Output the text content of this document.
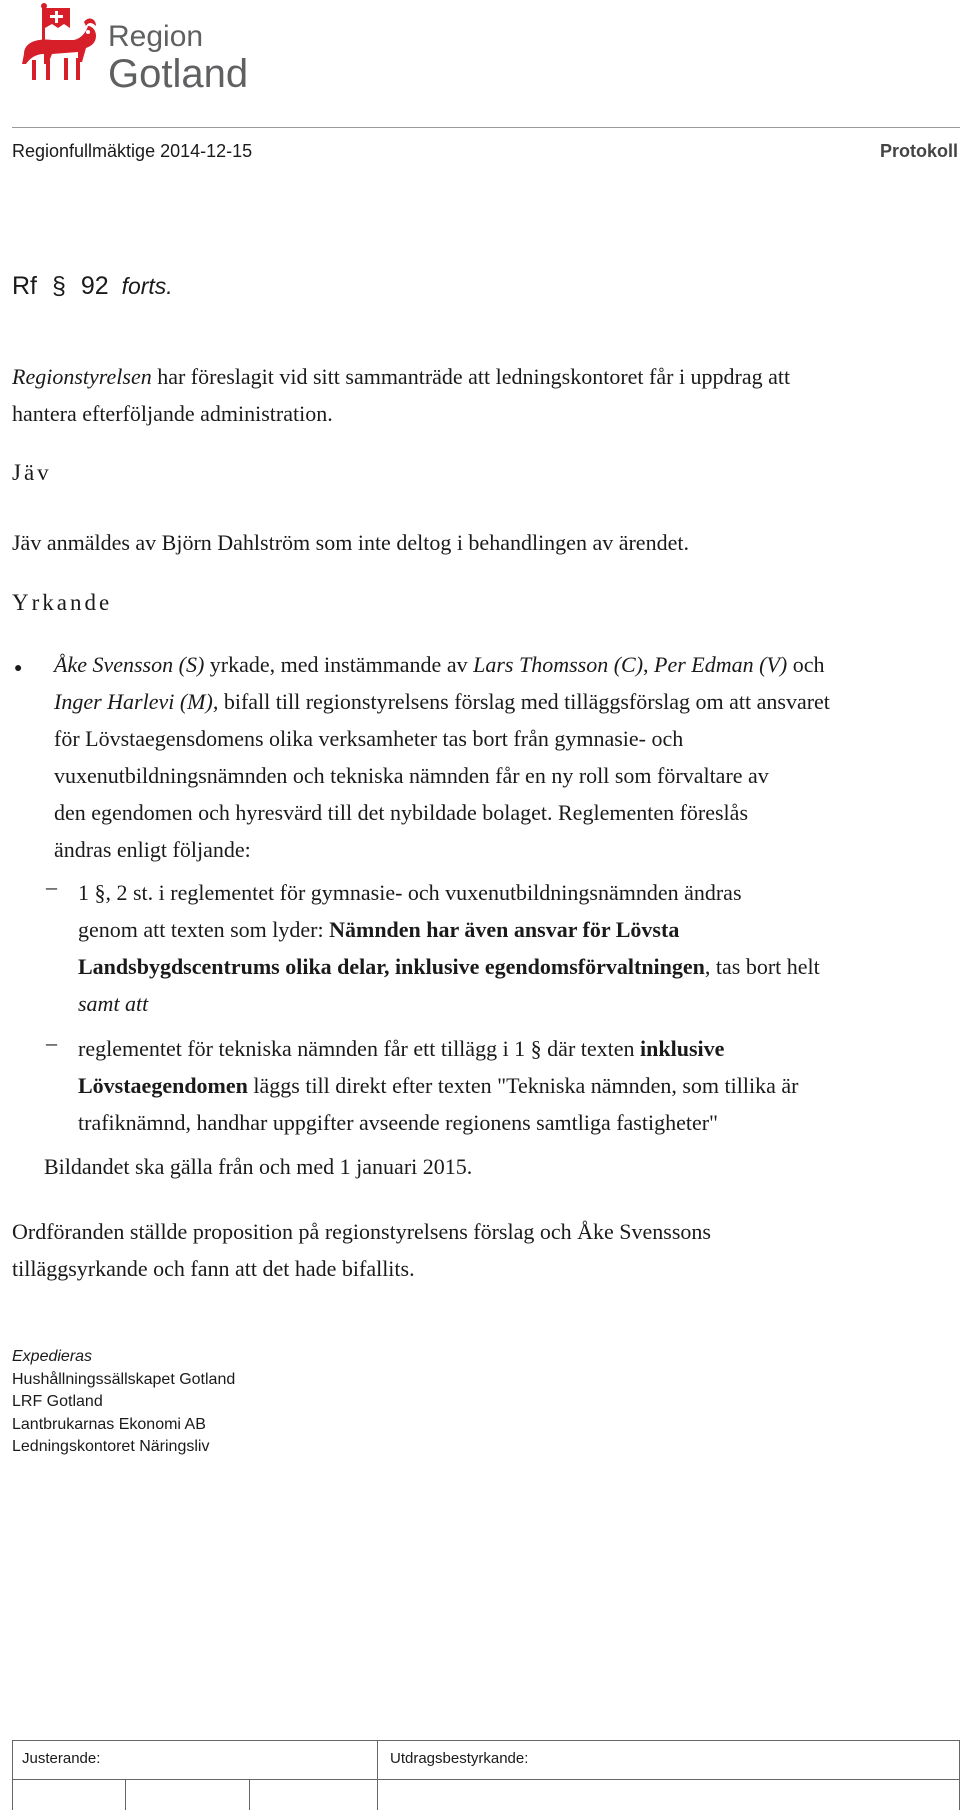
Region
Gotland
Regionfullmäktige 2014-12-15	Protokoll
Rf § 92 forts.
Regionstyrelsen har föreslagit vid sitt sammanträde att ledningskontoret får i uppdrag att
hantera efterföljande administration.
Jäv
Jäv anmäldes av Björn Dahlström som inte deltog i behandlingen av ärendet.
Yrkande
● Åke Svensson (S) yrkade, med instämmande av Lars Thomsson (C), Per Edman (V) och
Inger Harlevi (M), bifall till regionstyrelsens förslag med tilläggsförslag om att ansvaret
för Lövstaegensdomens olika verksamheter tas bort från gymnasie- och
vuxenutbildningsnämnden och tekniska nämnden får en ny roll som förvaltare av
den egendomen och hyresvärd till det nybildade bolaget. Reglementen föreslås
ändras enligt följande:
– 1 §, 2 st. i reglementet för gymnasie- och vuxenutbildningsnämnden ändras
genom att texten som lyder: Nämnden har även ansvar för Lövsta
Landsbygdscentrums olika delar, inklusive egendomsförvaltningen, tas bort helt
samt att
– reglementet för tekniska nämnden får ett tillägg i 1 § där texten inklusive
Lövstaegendomen läggs till direkt efter texten "Tekniska nämnden, som tillika är
trafiknämnd, handhar uppgifter avseende regionens samtliga fastigheter"
Bildandet ska gälla från och med 1 januari 2015.
Ordföranden ställde proposition på regionstyrelsens förslag och Åke Svenssons
tilläggsyrkande och fann att det hade bifallits.
Expedieras
Hushållningssällskapet Gotland
LRF Gotland
Lantbrukarnas Ekonomi AB
Ledningskontoret Näringsliv
Justerande:	Utdragsbestyrkande:
